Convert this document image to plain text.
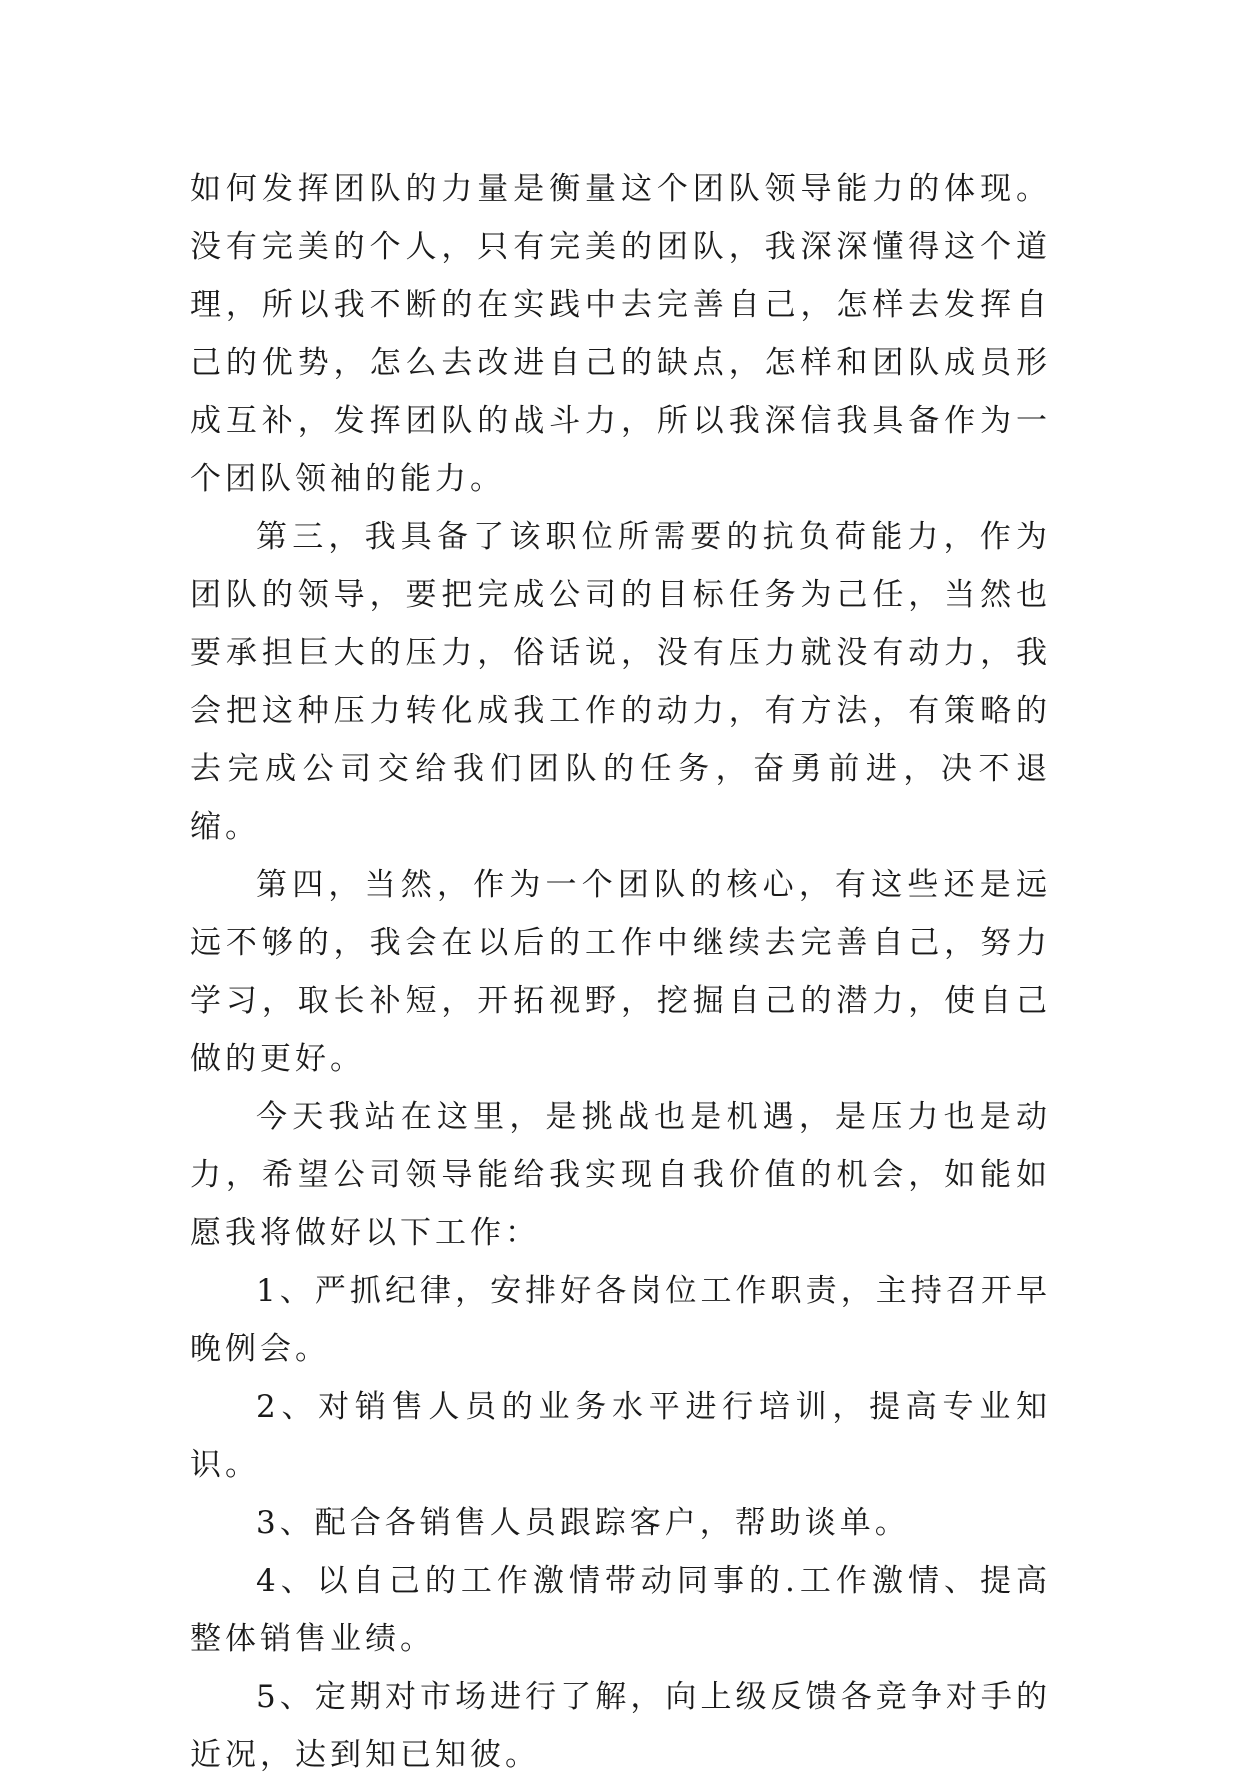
如何发挥团队的力量是衡量这个团队领导能力的体现。没有完美的个人，只有完美的团队，我深深懂得这个道理，所以我不断的在实践中去完善自己，怎样去发挥自己的优势，怎么去改进自己的缺点，怎样和团队成员形成互补，发挥团队的战斗力，所以我深信我具备作为一个团队领袖的能力。

第三，我具备了该职位所需要的抗负荷能力，作为团队的领导，要把完成公司的目标任务为己任，当然也要承担巨大的压力，俗话说，没有压力就没有动力，我会把这种压力转化成我工作的动力，有方法，有策略的去完成公司交给我们团队的任务，奋勇前进，决不退缩。

第四，当然，作为一个团队的核心，有这些还是远远不够的，我会在以后的工作中继续去完善自己，努力学习，取长补短，开拓视野，挖掘自己的潜力，使自己做的更好。

今天我站在这里，是挑战也是机遇，是压力也是动力，希望公司领导能给我实现自我价值的机会，如能如愿我将做好以下工作：

1、严抓纪律，安排好各岗位工作职责，主持召开早晚例会。

2、对销售人员的业务水平进行培训，提高专业知识。

3、配合各销售人员跟踪客户，帮助谈单。

4、以自己的工作激情带动同事的.工作激情、提高整体销售业绩。

5、定期对市场进行了解，向上级反馈各竞争对手的近况，达到知已知彼。
